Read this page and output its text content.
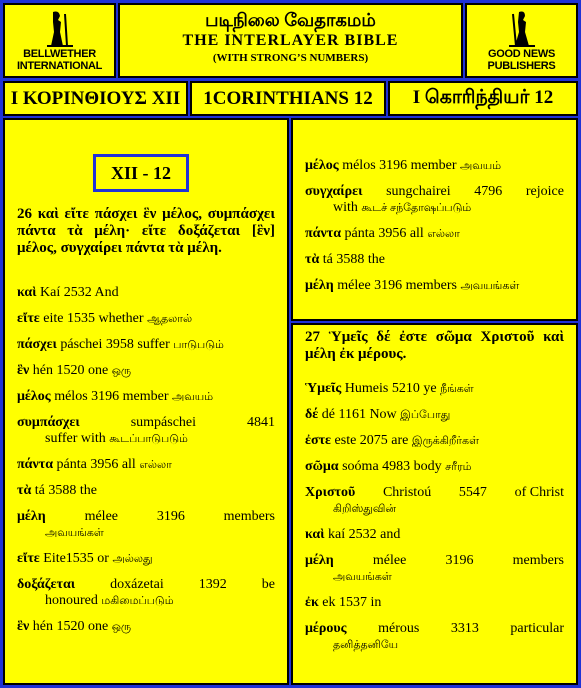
BELLWETHER INTERNATIONAL
படிநிலை வேதாகமம்
THE INTERLAYER BIBLE
(WITH STRONG’S NUMBERS)	GOOD NEWS PUBLISHERS
Ι ΚΟΡΙΝΘΙΟΥΣ XII	1CORINTHIANS 12	I கொரிந்தியர் 12
XII - 12
26 καὶ εἴτε πάσχει ἓν μέλος, συμπάσχει πάντα τὰ μέλη· εἴτε δοξάζεται [ἓν] μέλος, συγχαίρει πάντα τὰ μέλη.
καὶ Kaí 2532 And
εἴτε eite 1535 whether ஆதலால்
πάσχει páschei 3958 suffer பாடுபடும்
ἓν hén 1520 one ஒரு
μέλος mélos 3196 member அவயம்
συμπάσχει	sumpáschei	4841
suffer with கூடப்பாடுபடும்
πάντα pánta 3956 all எல்லா
τὰ tá 3588 the
μέλη	mélee	3196	members
அவயங்கள்
εἴτε Eite1535 or அல்லது
δοξάζεται	doxázetai	1392	be
honoured மகிமைப்படும்
ἓν hén 1520 one ஒரு
μέλος mélos 3196 member அவயம்
συγχαίρει sungchairei 4796 rejoice
with கூடச் சந்தோஷப்படும்
πάντα pánta 3956 all எல்லா
τὰ tá 3588 the
μέλη mélee 3196 members அவயங்கள்
27 Ὑμεῖς δέ ἐστε σῶμα Χριστοῦ καὶ μέλη ἐκ μέρους.
Ὑμεῖς Humeis 5210 ye நீங்கள்
δέ dé 1161 Now இப்போது
ἐστε este 2075 are இருக்கிறீர்கள்
σῶμα soóma 4983 body சரீரம்
Χριστοῦ Christoú 5547 of Christ
கிறிஸ்துவின்
καὶ kaí 2532 and
μέλη	mélee	3196	members
அவயங்கள்
ἐκ ek 1537 in
μέρους mérous 3313 particular
தனித்தனியே
